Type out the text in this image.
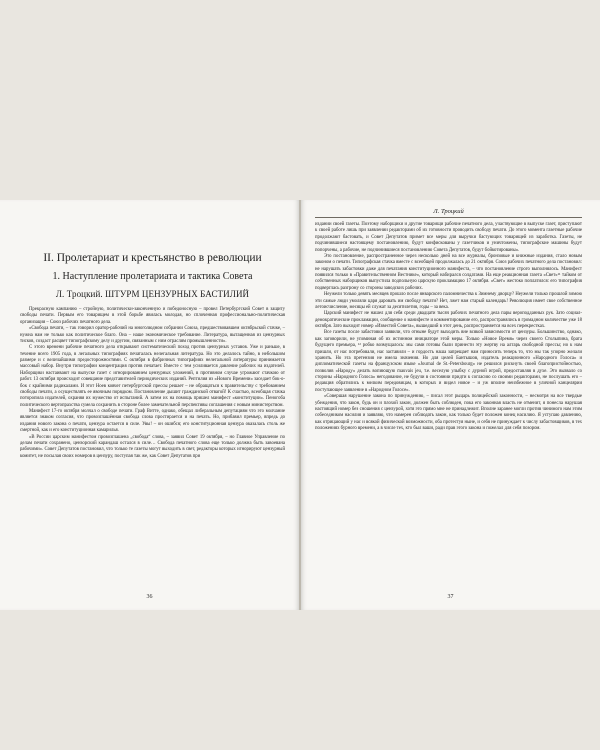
II. Пролетариат и крестьянство в революции
1. Наступление пролетариата и тактика Совета
Л. Троцкий. ШТУРМ ЦЕНЗУРНЫХ БАСТИЛИЙ

Прекрасную кампанию – стройную, политически-законченную и победоносную – провел Петербургский Совет в защиту свободы печати. Первым его товарищем в этой борьбе явилась молодая, но сплоченная профессионально-политическая организация – Союз рабочих печатного дела.

«Свобода печати, – так говорил оратор-рабочий на многолюдном собрании Союза, предшествовавшем октябрьской стачке, – нужна нам не только как политическое благо. Она – наше экономическое требование. Литература, вытащенная из цензурных тисков, создаст расцвет типографскому делу и другим, связанным с ним отраслям промышленности».

С этого времени рабочие печатного дела открывают систематический поход против цензурных уставов. Уже и раньше, в течение всего 1905 года, в легальных типографиях печаталась нелегальная литература. Но это делалось тайно, в небольшом размере и с величайшими предосторожностями. С октября в фабричных типографиях нелегальной литературы принимается массовый набор. Внутри типографии концентрация против печатает. Вместе с тем усиливается давление рабочих на издателей. Наборщики настаивают на выпуске газет с игнорированием цензурных уложений, в противном случае угрожают стачкою от работ. 13 октября происходит совещание представителей периодических изданий. Рептилия из «Нового Времени» заседает бок-о-бок с крайними радикалами. И этот Ноев ковчег петербургской прессы решает – не обращаться к правительству с требованием свободы печати, а осуществлять ее явочным порядком. Постановление дышит гражданской отвагой! К счастью, всеобщая стачка поторопила издателей, охраняя их мужество от испытаний. А затем их на помощь пришел манифест «конституции». Пеногоба политического вертопрахства сумела сохранить в стороне более замечательной перспективы соглашения с новым министерством.

Манифест 17-го октября молчал о свободе печати. Граф Витте, однако, обещал либеральным депутациям что это молчание является знаком согласия, что провозглашённая свобода слова простирается и на печать. Но, прибавил премьер, впредь до издания нового закона о печати, цензура остается в силе. Увы! – он ошибся; его конституционная цензура оказалась столь же смертной, как и его конституционная камарилья.

«В России царским манифестом провозглашена „свобода“ слова, – заявил Совет 19 октября, – но Главное Управление по делам печати сохранено, цензорский карандаш остался в силе… Свобода печатного слова еще только должна быть завоевана рабочими». Совет Депутатов постановил, что только те газеты могут выходить в свет, редакторы которых игнорируют цензурный комитет, не посылая своих номеров в цензуру, поступая так же, как Совет Депутатов при

36
Л. Троцкий

издании своей газеты. Поэтому наборщики и другие товарищи рабочие печатного дела, участвующие в выпуске газет, приступают к своей работе лишь при заявлении редакторами об их готовности проводить свободу печати. До этого момента газетные рабочие продолжают бастовать, и Совет Депутатов примет все меры для выручки бастующих товарищей из заработка. Газеты, не подчинившиеся настоящему постановлению, будут конфискованы у газетчиков и уничтожены, типографские машины будут попорчены, а рабочие, не подчинившиеся постановлению Совета Депутатов, будут бойкотированы».

Это постановление, распространенное через несколько дней на все журналы, бронзовые и книжные издания, стало новым законом о печати. Типографская стачка вместе с всеобщей продолжалась до 21 октября. Союз рабочих печатного дела постановил: не нарушать забастовки даже для печатания конституционного манифеста, – что постановление строго выполнялось. Манифест появился только в «Правительственном Вестнике», который набирался солдатами. На еще реакционная газета «Свет»¹¹ тайком от собственных наборщиков выпустила подпольную царскую прокламацию 17 октября. «Свет» жестоко поплатился: его типография подверглась разгрому со стороны заводских рабочих.

Неужели только девять месяцев прошло после январского паломничества к Зимнему дворцу? Неужели только прошлой зимою эти самые люди умоляли царя даровать им свободу печати? Нет, лжет нам старый календарь! Революция имеет свое собственное летоисчисление, месяцы ей служат за десятилетия, годы – за века.

Царский манифест не нашел для себя среди двадцати тысяч рабочих печатного дела пары вероподданных рук. Зато социал-демократические прокламации, сообщение о манифесте и комментирование его, распространялись в громадном количестве уже 18 октября. Зато выходит номер «Известий Совета», вышедший в этот день, распространяется на всех перекрестках.

Все газеты после забастовки заявили, что отныне будут выходить вне всякой зависимости от цензуры. Большинство, однако, как заговорили, не упоминая об их истинном инициаторе этой меры. Только «Новое Время» через своего Столыпина, брата будущего премьера, ¹² робко возмущалось: мы сами готовы были принести эту жертву на алтарь свободной прессы; но к нам пришли, от нас потребовали, нас заставили – и гордость наша запрещает нам приносить теперь то, что мы так упорно желали хранить. Но эта претензия не имела значения. Но для целей Бантышов, издатель реакционного «Народного Голоса» и дипломатической газеты на французском языке «Journal de St.-Petersbourg» не решился рискнуть своей благопристойностью, позволив «Народу» делать вопиющую mauvais jeu, т.е. веселую улыбку с дурной игрой, предоставляя в духе. Это вызвало со стороны «Народного Голоса» негодование, не будучи в состоянии придти к согласию со своими редакторами, не послушать его – редакция обратились к мелким передовицам, в которых и видел новое – и уж вполне неизбежное в уличной канцелярии поступающее заявление в «Народном Голосе».

«Совершая нарушение закона по принуждению, – писал этот рыцарь полицейской законности, – несмотря на все твердые убеждения, что закон, будь он и плохой закон, должен быть соблюден, пока его законная власть не отменит, я понесла нарушая настоящий номер без сношения с цензурой, хотя это прямо мне не принадлежит. Вполне заранее могли против чинимого нам этим собеседником насилия и заявляю, что намерен соблюдать закон, как только будет положен конец насилию. Я уступаю давлению, как отрицающий у нас и всякой физической возможности, оба протестуя ныне, и себя не принуждает к числу забастовщиков, в тех положениях бурного времени, а в числе тех, кто был ваши, ради прав этого закона и пожелал для себя позором.

37
